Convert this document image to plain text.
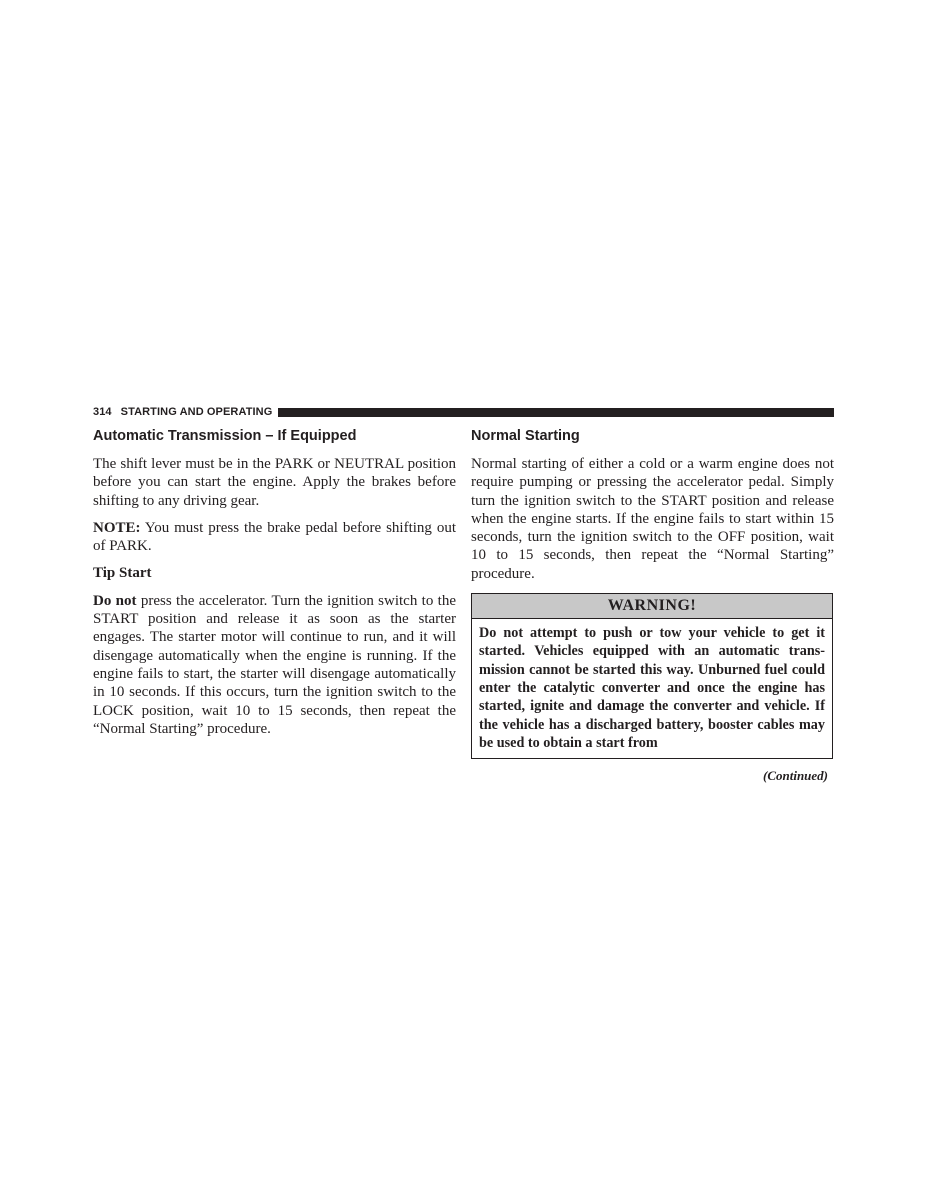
314 STARTING AND OPERATING
Automatic Transmission – If Equipped

The shift lever must be in the PARK or NEUTRAL position before you can start the engine. Apply the brakes before shifting to any driving gear.

NOTE: You must press the brake pedal before shifting out of PARK.

Tip Start

Do not press the accelerator. Turn the ignition switch to the START position and release it as soon as the starter engages. The starter motor will continue to run, and it will disengage automatically when the engine is running. If the engine fails to start, the starter will disengage automatically in 10 seconds. If this occurs, turn the ignition switch to the LOCK position, wait 10 to 15 seconds, then repeat the “Normal Starting” procedure.

Normal Starting

Normal starting of either a cold or a warm engine does not require pumping or pressing the accelerator pedal. Simply turn the ignition switch to the START position and release when the engine starts. If the engine fails to start within 15 seconds, turn the ignition switch to the OFF position, wait 10 to 15 seconds, then repeat the “Normal Starting” procedure.

WARNING!
Do not attempt to push or tow your vehicle to get it started. Vehicles equipped with an automatic transmission cannot be started this way. Unburned fuel could enter the catalytic converter and once the engine has started, ignite and damage the converter and vehicle. If the vehicle has a discharged battery, booster cables may be used to obtain a start from
(Continued)
